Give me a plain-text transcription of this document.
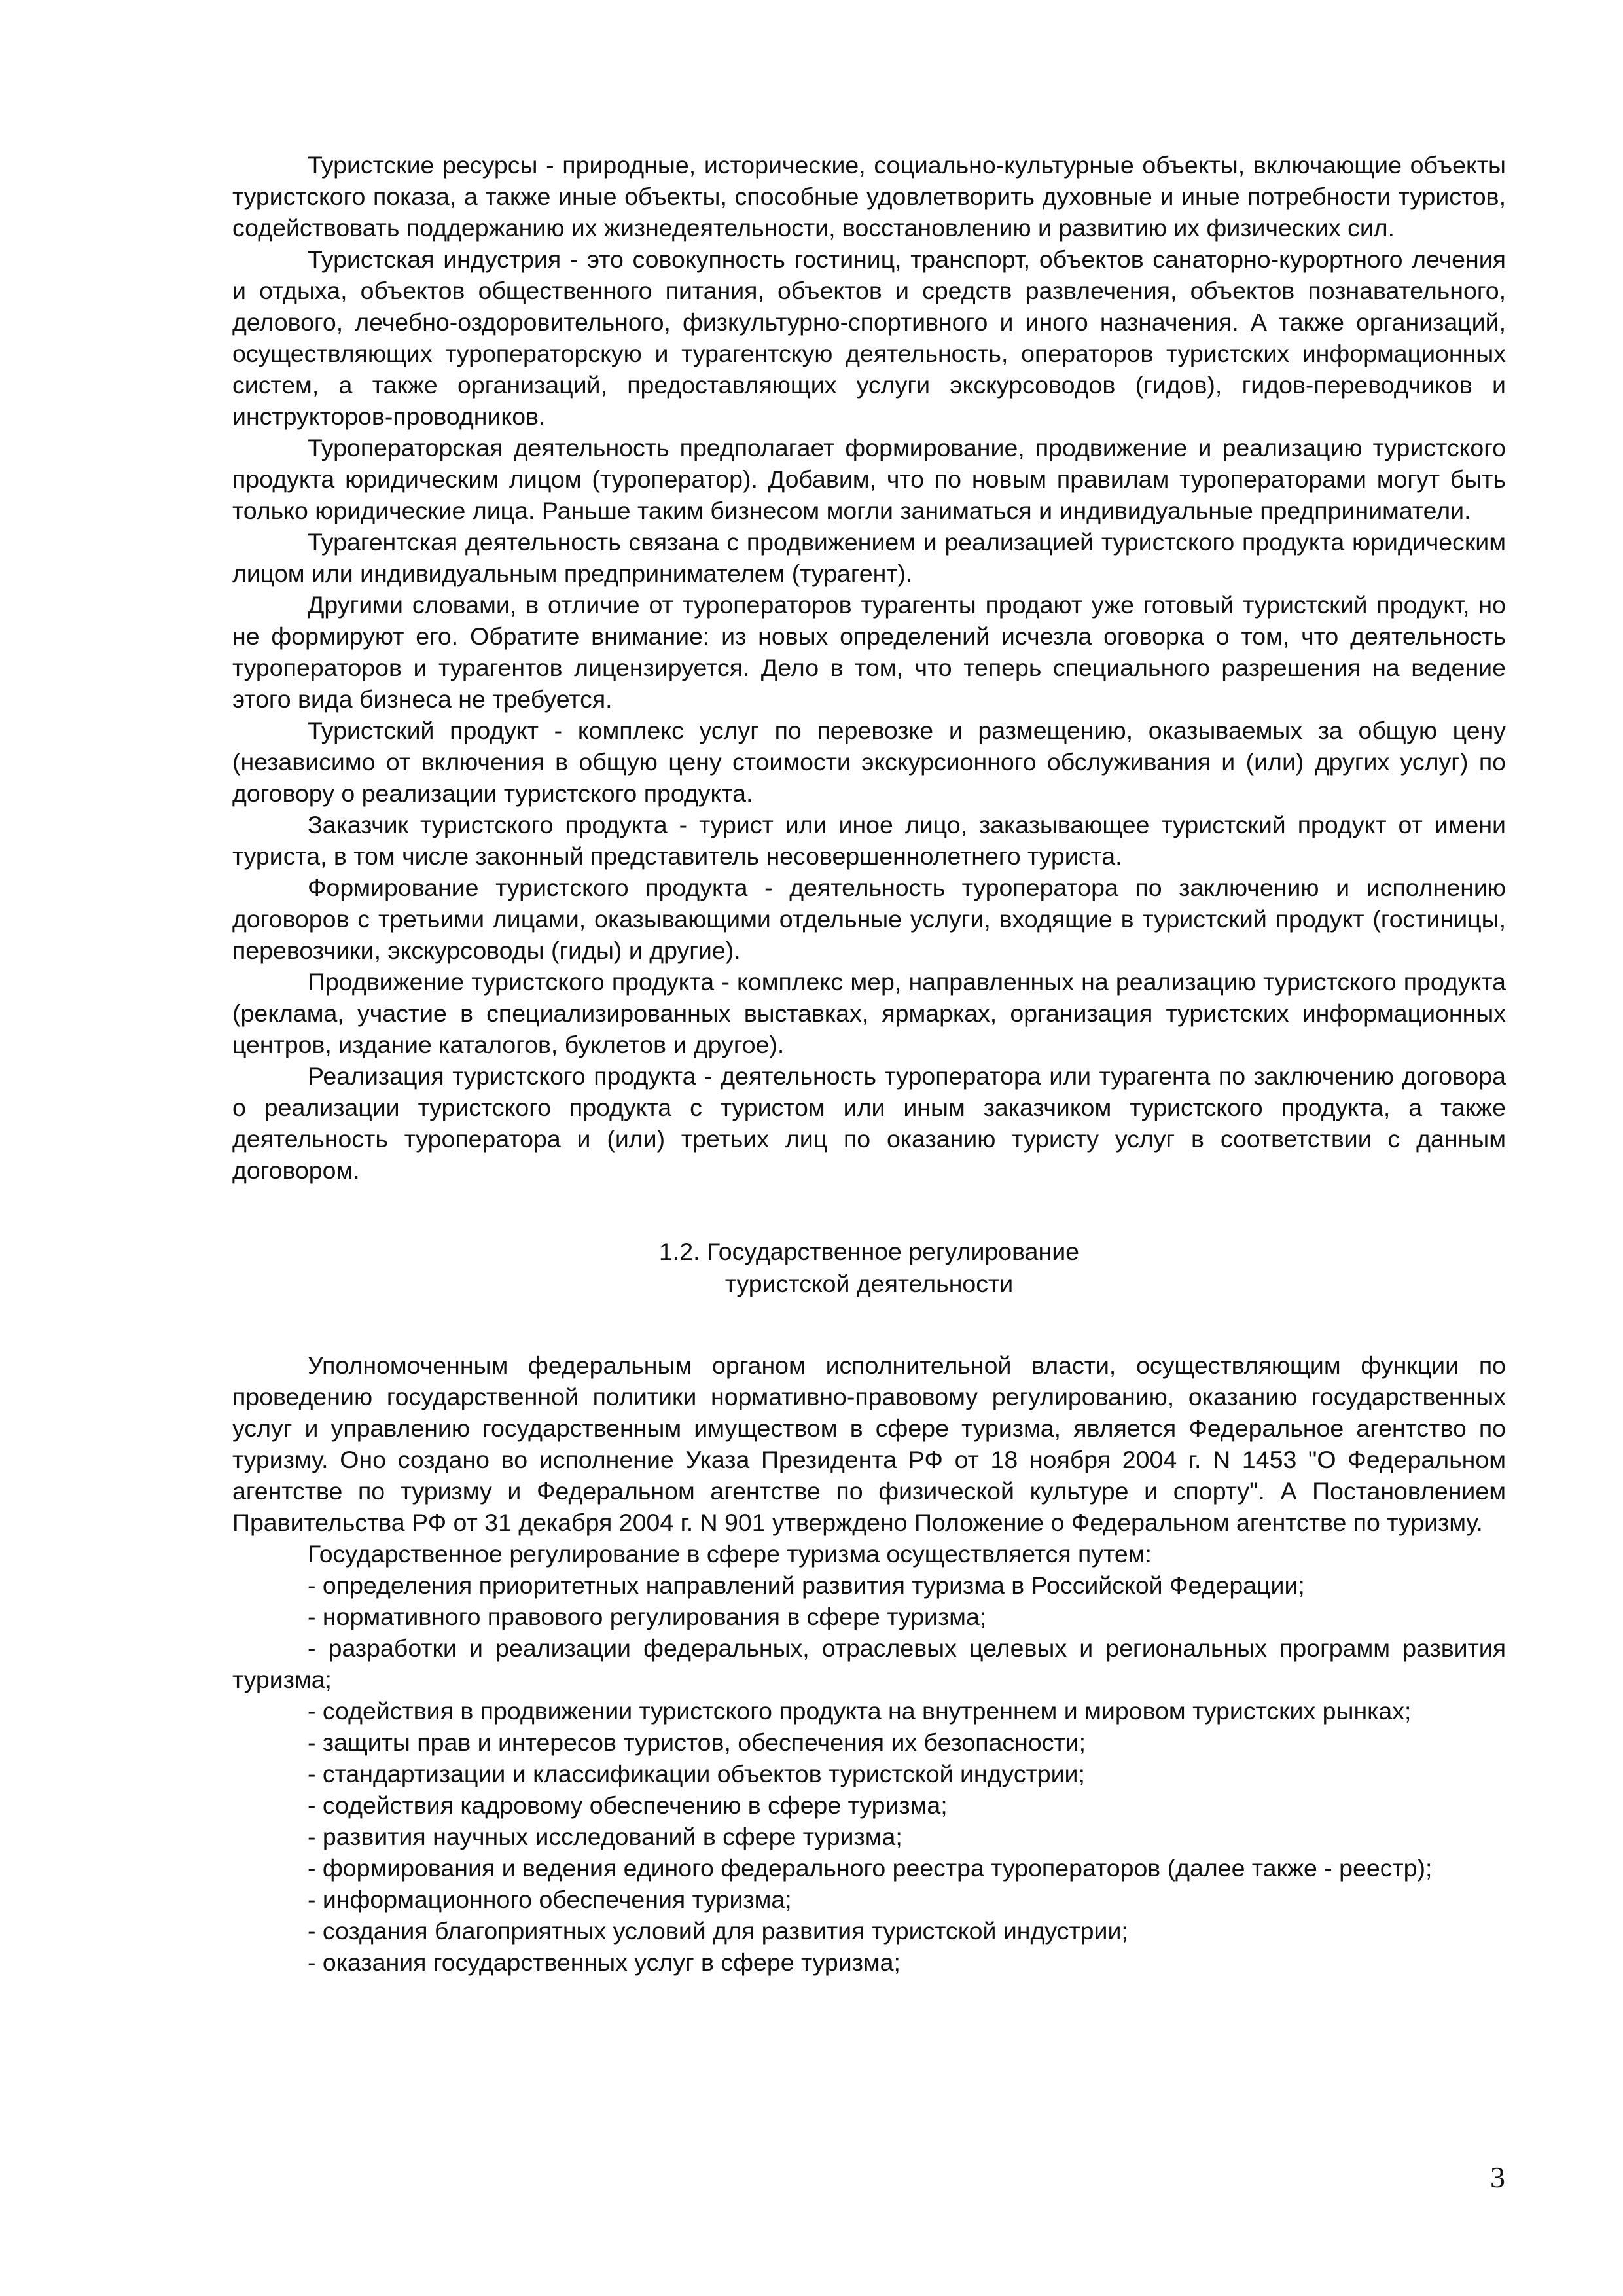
Туристские ресурсы - природные, исторические, социально-культурные объекты, включающие объекты туристского показа, а также иные объекты, способные удовлетворить духовные и иные потребности туристов, содействовать поддержанию их жизнедеятельности, восстановлению и развитию их физических сил.

Туристская индустрия - это совокупность гостиниц, транспорт, объектов санаторно-курортного лечения и отдыха, объектов общественного питания, объектов и средств развлечения, объектов познавательного, делового, лечебно-оздоровительного, физкультурно-спортивного и иного назначения. А также организаций, осуществляющих туроператорскую и турагентскую деятельность, операторов туристских информационных систем, а также организаций, предоставляющих услуги экскурсоводов (гидов), гидов-переводчиков и инструкторов-проводников.

Туроператорская деятельность предполагает формирование, продвижение и реализацию туристского продукта юридическим лицом (туроператор). Добавим, что по новым правилам туроператорами могут быть только юридические лица. Раньше таким бизнесом могли заниматься и индивидуальные предприниматели.

Турагентская деятельность связана с продвижением и реализацией туристского продукта юридическим лицом или индивидуальным предпринимателем (турагент).

Другими словами, в отличие от туроператоров турагенты продают уже готовый туристский продукт, но не формируют его. Обратите внимание: из новых определений исчезла оговорка о том, что деятельность туроператоров и турагентов лицензируется. Дело в том, что теперь специального разрешения на ведение этого вида бизнеса не требуется.

Туристский продукт - комплекс услуг по перевозке и размещению, оказываемых за общую цену (независимо от включения в общую цену стоимости экскурсионного обслуживания и (или) других услуг) по договору о реализации туристского продукта.

Заказчик туристского продукта - турист или иное лицо, заказывающее туристский продукт от имени туриста, в том числе законный представитель несовершеннолетнего туриста.

Формирование туристского продукта - деятельность туроператора по заключению и исполнению договоров с третьими лицами, оказывающими отдельные услуги, входящие в туристский продукт (гостиницы, перевозчики, экскурсоводы (гиды) и другие).

Продвижение туристского продукта - комплекс мер, направленных на реализацию туристского продукта (реклама, участие в специализированных выставках, ярмарках, организация туристских информационных центров, издание каталогов, буклетов и другое).

Реализация туристского продукта - деятельность туроператора или турагента по заключению договора о реализации туристского продукта с туристом или иным заказчиком туристского продукта, а также деятельность туроператора и (или) третьих лиц по оказанию туристу услуг в соответствии с данным договором.

1.2. Государственное регулирование
туристской деятельности

Уполномоченным федеральным органом исполнительной власти, осуществляющим функции по проведению государственной политики нормативно-правовому регулированию, оказанию государственных услуг и управлению государственным имуществом в сфере туризма, является Федеральное агентство по туризму. Оно создано во исполнение Указа Президента РФ от 18 ноября 2004 г. N 1453 "О Федеральном агентстве по туризму и Федеральном агентстве по физической культуре и спорту". А Постановлением Правительства РФ от 31 декабря 2004 г. N 901 утверждено Положение о Федеральном агентстве по туризму.

Государственное регулирование в сфере туризма осуществляется путем:

- определения приоритетных направлений развития туризма в Российской Федерации;

- нормативного правового регулирования в сфере туризма;

- разработки и реализации федеральных, отраслевых целевых и региональных программ развития туризма;

- содействия в продвижении туристского продукта на внутреннем и мировом туристских рынках;

- защиты прав и интересов туристов, обеспечения их безопасности;

- стандартизации и классификации объектов туристской индустрии;

- содействия кадровому обеспечению в сфере туризма;

- развития научных исследований в сфере туризма;

- формирования и ведения единого федерального реестра туроператоров (далее также - реестр);

- информационного обеспечения туризма;

- создания благоприятных условий для развития туристской индустрии;

- оказания государственных услуг в сфере туризма;

3
